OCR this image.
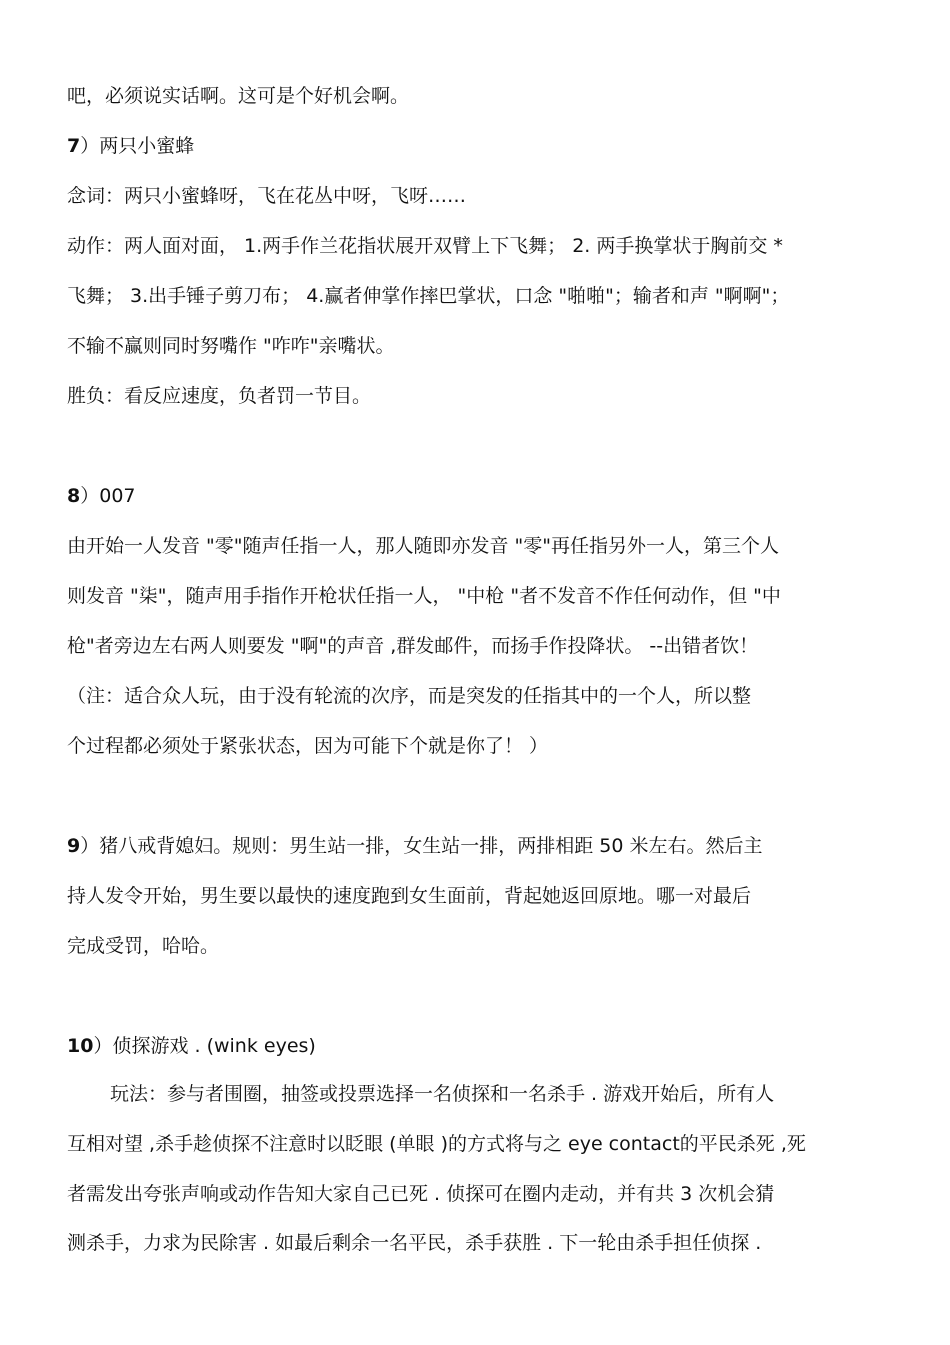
吧，必须说实话啊。这可是个好机会啊。
7）两只小蜜蜂
念词：两只小蜜蜂呀，飞在花丛中呀，飞呀……
动作：两人面对面， 1.两手作兰花指状展开双臂上下飞舞； 2. 两手换掌状于胸前交 *
飞舞； 3.出手锤子剪刀布； 4.赢者伸掌作摔巴掌状，口念 "啪啪"；输者和声 "啊啊"；
不输不赢则同时努嘴作 "咋咋"亲嘴状。
胜负：看反应速度，负者罚一节目。
8）007
由开始一人发音 "零"随声任指一人，那人随即亦发音 "零"再任指另外一人，第三个人
则发音 "柒"，随声用手指作开枪状任指一人， "中枪 "者不发音不作任何动作，但 "中
枪"者旁边左右两人则要发 "啊"的声音 ,群发邮件，而扬手作投降状。 --出错者饮！
（注：适合众人玩，由于没有轮流的次序，而是突发的任指其中的一个人，所以整
个过程都必须处于紧张状态，因为可能下个就是你了！ ）
9）猪八戒背媳妇。规则：男生站一排，女生站一排，两排相距 50 米左右。然后主
持人发令开始，男生要以最快的速度跑到女生面前，背起她返回原地。哪一对最后
完成受罚，哈哈。
10）侦探游戏 . (wink eyes)
玩法：参与者围圈，抽签或投票选择一名侦探和一名杀手 . 游戏开始后，所有人
互相对望 ,杀手趁侦探不注意时以眨眼 (单眼 )的方式将与之 eye contact的平民杀死 ,死
者需发出夸张声响或动作告知大家自己已死 . 侦探可在圈内走动，并有共 3 次机会猜
测杀手，力求为民除害 . 如最后剩余一名平民，杀手获胜 . 下一轮由杀手担任侦探 .
